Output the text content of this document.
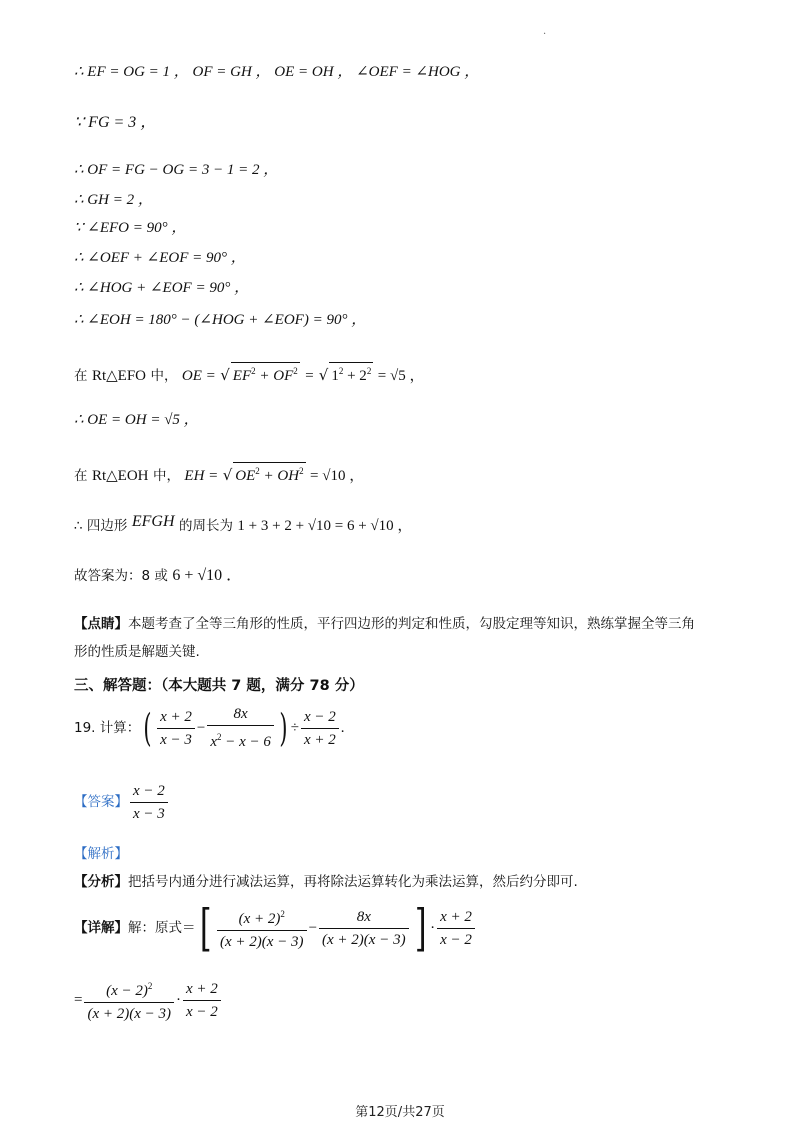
.
∴ EF = OG = 1 ， OF = GH ， OE = OH ， ∠OEF = ∠HOG ，
∵ FG = 3 ，
∴ OF = FG − OG = 3 − 1 = 2 ，
∴ GH = 2 ，
∵ ∠EFO = 90° ，
∴ ∠OEF + ∠EOF = 90° ，
∴ ∠HOG + ∠EOF = 90° ，
∴ ∠EOH = 180° − (∠HOG + ∠EOF) = 90° ，
在 Rt△EFO 中， OE = √ $EF^2 + OF^2$ = √ $1^2 + 2^2 = √5$ ，
∴ OE = OH = √5 ，
在 Rt△EOH 中， EH = √ $OE^2 + OH^2 = √10$ ，
∴ 四边形 EFGH 的周长为 1 + 3 + 2 + √10 = 6 + √10 ，
故答案为：8 或 6 + √10 ．
【点睛】本题考查了全等三角形的性质，平行四边形的判定和性质，勾股定理等知识，熟练掌握全等三角
形的性质是解题关键.
三、解答题：（本大题共 7 题，满分 78 分）
19. 计算： ( $\frac{x + 2}{x - 3} - \frac{8x}{x^2 - x - 6}$ ) ÷ $\frac{x - 2}{x + 2}$ .
【答案】 $\frac{x - 2}{x - 3}$
【解析】
【分析】把括号内通分进行减法运算，再将除法运算转化为乘法运算，然后约分即可.
【详解】 解：原式＝ [ $\frac{(x + 2)^2}{(x + 2)(x - 3)} - \frac{8x}{(x + 2)(x - 3)}$ ] · $\frac{x + 2}{x - 2}$
= $\frac{(x - 2)^2}{(x + 2)(x - 3)} \cdot \frac{x + 2}{x - 2}$
第12页/共27页
